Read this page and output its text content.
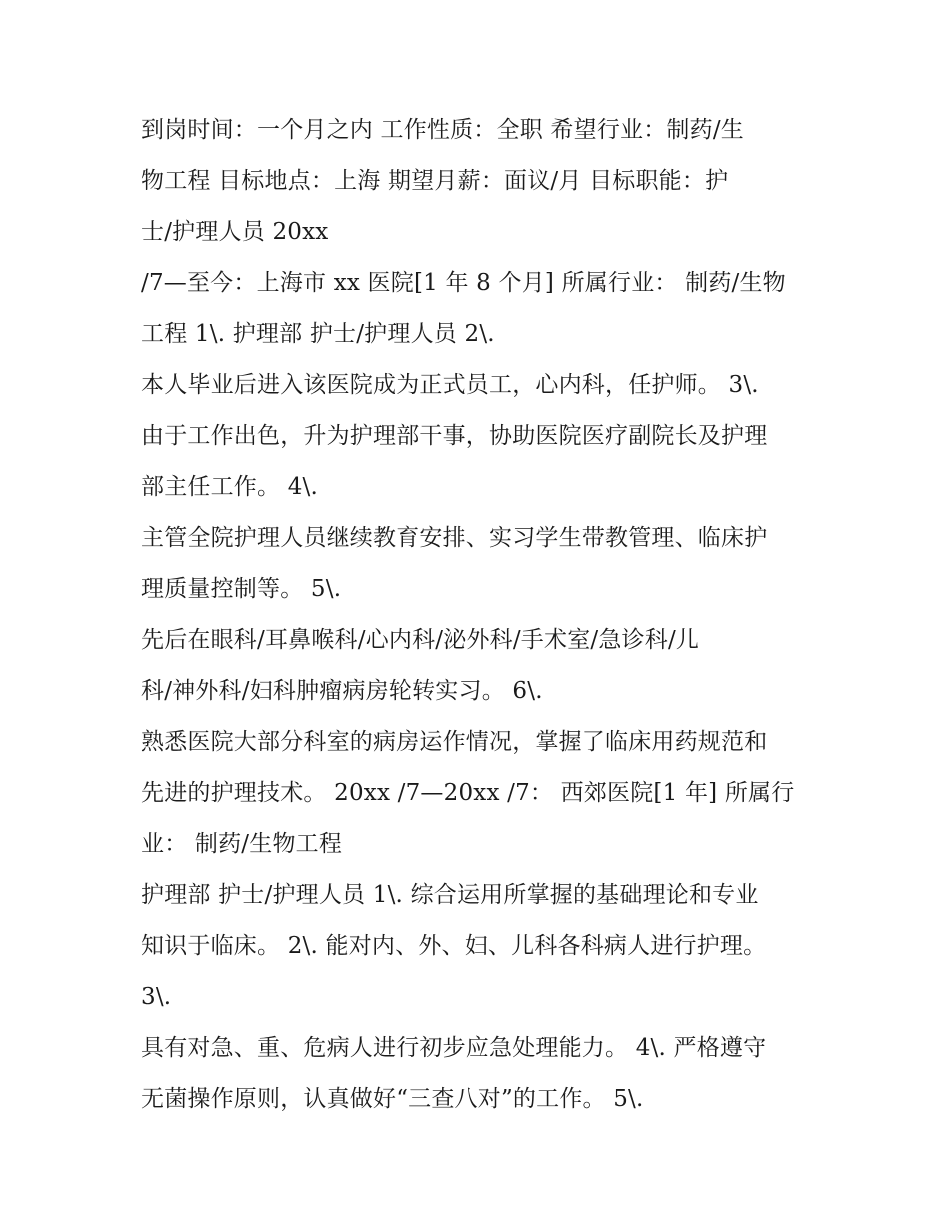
到岗时间：一个月之内 工作性质：全职 希望行业：制药/生
物工程 目标地点：上海 期望月薪：面议/月 目标职能：护
士/护理人员 20xx
/7—至今：上海市 xx 医院[1 年 8 个月] 所属行业： 制药/生物
工程 1\. 护理部 护士/护理人员 2\.
本人毕业后进入该医院成为正式员工，心内科，任护师。 3\.
由于工作出色，升为护理部干事，协助医院医疗副院长及护理
部主任工作。 4\.
主管全院护理人员继续教育安排、实习学生带教管理、临床护
理质量控制等。 5\.
先后在眼科/耳鼻喉科/心内科/泌外科/手术室/急诊科/儿
科/神外科/妇科肿瘤病房轮转实习。 6\.
熟悉医院大部分科室的病房运作情况，掌握了临床用药规范和
先进的护理技术。 20xx /7—20xx /7： 西郊医院[1 年] 所属行
业： 制药/生物工程
护理部 护士/护理人员 1\. 综合运用所掌握的基础理论和专业
知识于临床。 2\. 能对内、外、妇、儿科各科病人进行护理。
3\.
具有对急、重、危病人进行初步应急处理能力。 4\. 严格遵守
无菌操作原则，认真做好“三查八对”的工作。 5\.
